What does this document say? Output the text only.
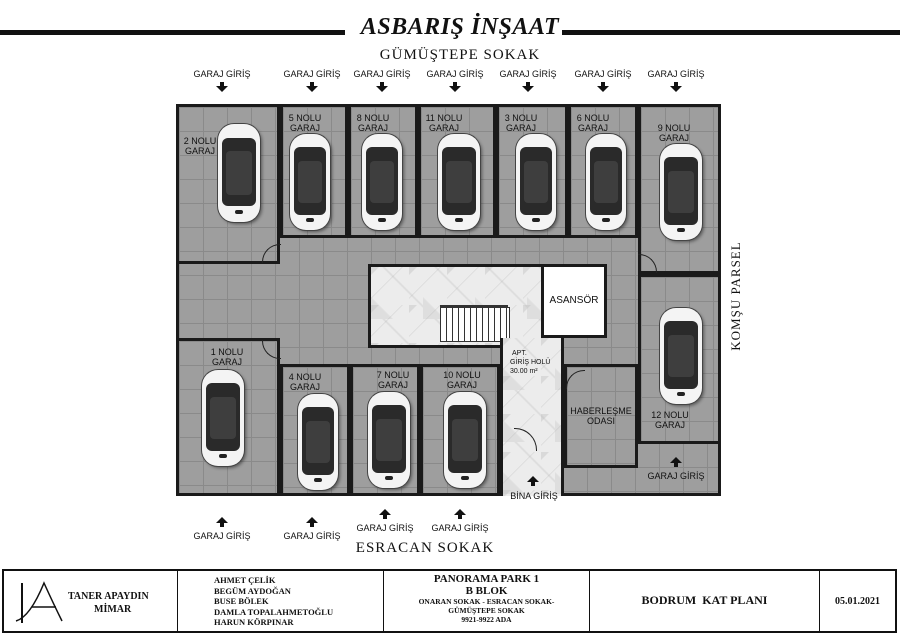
ASBARIŞ İNŞAAT
GÜMÜŞTEPE SOKAK
GARAJ GİRİŞ	GARAJ GİRİŞ	GARAJ GİRİŞ	GARAJ GİRİŞ	GARAJ GİRİŞ	GARAJ GİRİŞ	GARAJ GİRİŞ
2 NOLU GARAJ
5 NOLU GARAJ
8 NOLU GARAJ
11 NOLU GARAJ
3 NOLU GARAJ
6 NOLU GARAJ	9 NOLU GARAJ
12 NOLU GARAJ
1 NOLU GARAJ
4 NOLU GARAJ
7 NOLU GARAJ
10 NOLU GARAJ
ASANSÖR
APT.
GİRİŞ HOLÜ
30.00 m²
HABERLEŞME ODASI
KOMŞU PARSEL
GARAJ GİRİŞ
BİNA GİRİŞ
GARAJ GİRİŞ	GARAJ GİRİŞ
GARAJ GİRİŞ	GARAJ GİRİŞ
ESRACAN SOKAK
TANER APAYDIN
MİMAR
AHMET ÇELİK
BEGÜM AYDOĞAN
BUSE BÖLEK
DAMLA TOPALAHMETOĞLU
HARUN KÖRPINAR
PANORAMA PARK 1
B BLOK
ONARAN SOKAK - ESRACAN SOKAK-
GÜMÜŞTEPE SOKAK
9921-9922 ADA
BODRUM  KAT PLANI	05.01.2021
